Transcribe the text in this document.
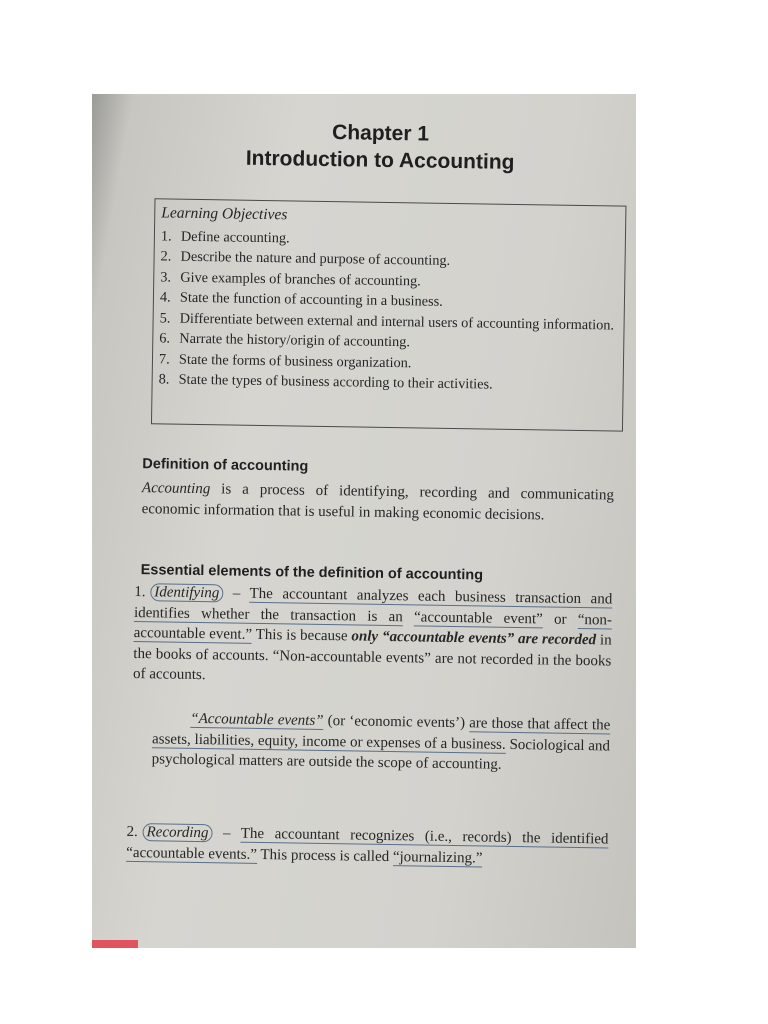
Chapter 1
Introduction to Accounting
Learning Objectives
1. Define accounting.
2. Describe the nature and purpose of accounting.
3. Give examples of branches of accounting.
4. State the function of accounting in a business.
5. Differentiate between external and internal users of accounting information.
6. Narrate the history/origin of accounting.
7. State the forms of business organization.
8. State the types of business according to their activities.
Definition of accounting
Accounting is a process of identifying, recording and communicating economic information that is useful in making economic decisions.
Essential elements of the definition of accounting
1. Identifying – The accountant analyzes each business transaction and identifies whether the transaction is an “accountable event” or “non-accountable event.” This is because only “accountable events” are recorded in the books of accounts. “Non-accountable events” are not recorded in the books of accounts.
“Accountable events” (or ‘economic events’) are those that affect the assets, liabilities, equity, income or expenses of a business. Sociological and psychological matters are outside the scope of accounting.
2. Recording – The accountant recognizes (i.e., records) the identified “accountable events.” This process is called “journalizing.”
